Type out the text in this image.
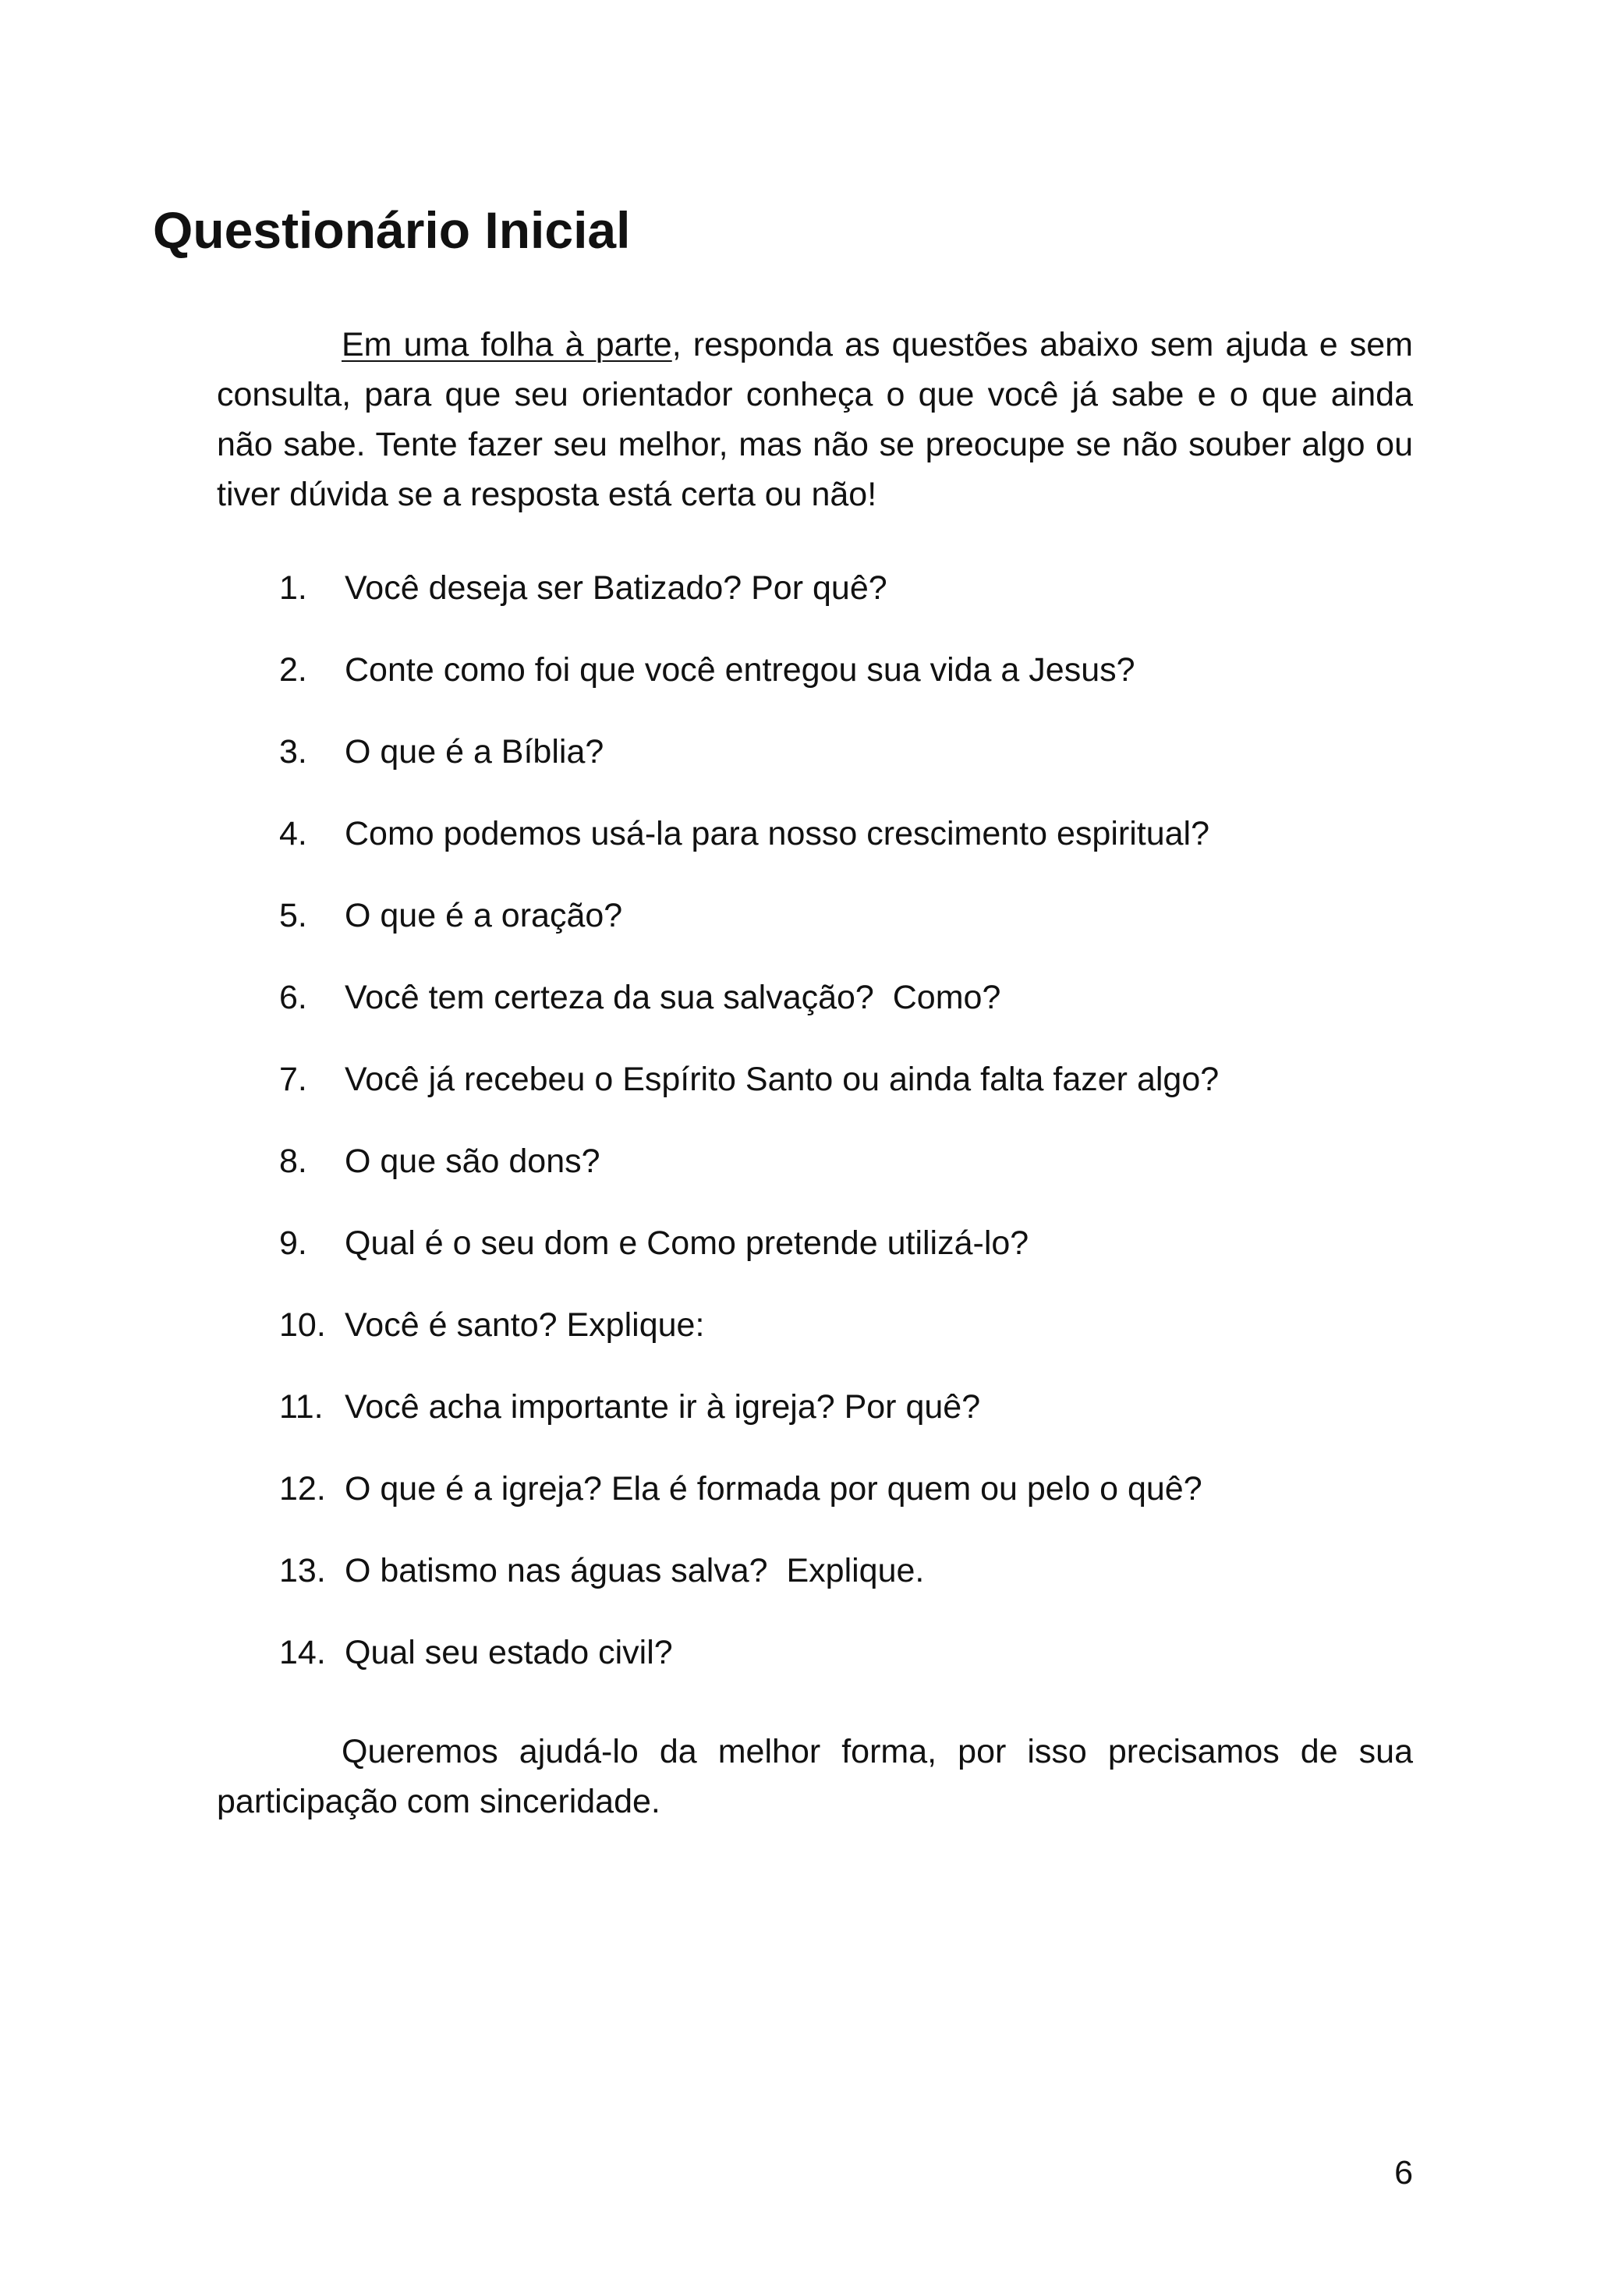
Questionário Inicial

Em uma folha à parte, responda as questões abaixo sem ajuda e sem consulta, para que seu orientador conheça o que você já sabe e o que ainda não sabe. Tente fazer seu melhor, mas não se preocupe se não souber algo ou tiver dúvida se a resposta está certa ou não!

1.	Você deseja ser Batizado? Por quê?
2.	Conte como foi que você entregou sua vida a Jesus?
3.	O que é a Bíblia?
4.	Como podemos usá-la para nosso crescimento espiritual?
5.	O que é a oração?
6.	Você tem certeza da sua salvação?  Como?
7.	Você já recebeu o Espírito Santo ou ainda falta fazer algo?
8.	O que são dons?
9.	Qual é o seu dom e Como pretende utilizá-lo?
10. Você é santo? Explique:
11. Você acha importante ir à igreja? Por quê?
12. O que é a igreja? Ela é formada por quem ou pelo o quê?
13. O batismo nas águas salva?  Explique.
14. Qual seu estado civil?

Queremos ajudá-lo da melhor forma, por isso precisamos de sua participação com sinceridade.

6
